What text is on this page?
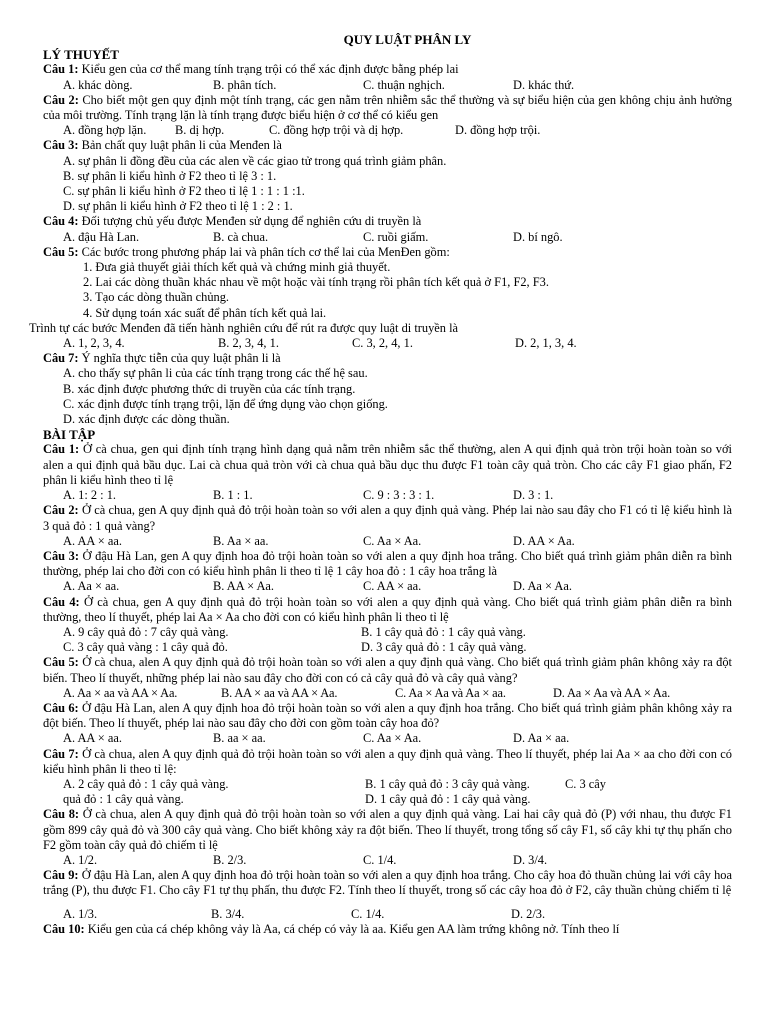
QUY LUẬT PHÂN LY
LÝ THUYẾT
Câu 1: Kiểu gen của cơ thể mang tính trạng trội có thể xác định được bằng phép lai
A. khác dòng.	B. phân tích.	C. thuận nghịch.	D. khác thứ.
Câu 2: Cho biết một gen quy định một tính trạng, các gen nằm trên nhiễm sắc thể thường và sự biểu hiện của gen không chịu ảnh hưởng của môi trường. Tính trạng lặn là tính trạng được biểu hiện ở cơ thể có kiểu gen
A. đồng hợp lặn.	B. dị hợp.	C. đồng hợp trội và dị hợp.	D. đồng hợp trội.
Câu 3: Bản chất quy luật phân li của Menđen là
A. sự phân li đồng đều của các alen về các giao tử trong quá trình giảm phân.
B. sự phân li kiểu hình ở F2 theo tỉ lệ 3 : 1.
C. sự phân li kiểu hình ở F2 theo tỉ lệ 1 : 1 : 1 :1.
D. sự phân li kiểu hình ở F2 theo tỉ lệ 1 : 2 : 1.
Câu 4: Đối tượng chủ yếu được Menđen sử dụng để nghiên cứu di truyền là
A. đậu Hà Lan.	B. cà chua.	C. ruồi giấm.	D. bí ngô.
Câu 5: Các bước trong phương pháp lai và phân tích cơ thể lai của MenĐen gồm:
1. Đưa giả thuyết giải thích kết quả và chứng minh giả thuyết.
2. Lai các dòng thuần khác nhau về một hoặc vài tính trạng rồi phân tích kết quả ở F1, F2, F3.
3. Tạo các dòng thuần chủng.
4. Sử dụng toán xác suất để phân tích kết quả lai.
Trình tự các bước Menđen đã tiến hành nghiên cứu để rút ra được quy luật di truyền là
A. 1, 2, 3, 4.	B. 2, 3, 4, 1.	C. 3, 2, 4, 1.	D. 2, 1, 3, 4.
Câu 7: Ý nghĩa thực tiễn của quy luật phân li là
A. cho thấy sự phân li của các tính trạng trong các thế hệ sau.
B. xác định được phương thức di truyền của các tính trạng.
C. xác định được tính trạng trội, lặn để ứng dụng vào chọn giống.
D. xác định được các dòng thuần.
BÀI TẬP
Câu 1: Ở cà chua, gen qui định tính trạng hình dạng quả nằm trên nhiễm sắc thể thường, alen A qui định quả tròn trội hoàn toàn so với alen a qui định quả bầu dục. Lai cà chua quả tròn với cà chua quả bầu dục thu được F1 toàn cây quả tròn. Cho các cây F1 giao phấn, F2 phân li kiểu hình theo tỉ lệ
A. 1: 2 : 1.	B. 1 : 1.	C. 9 : 3 : 3 : 1.	D. 3 : 1.
Câu 2: Ở cà chua, gen A quy định quả đỏ trội hoàn toàn so với alen a quy định quả vàng. Phép lai nào sau đây cho F1 có tỉ lệ kiểu hình là 3 quả đỏ : 1 quả vàng?
A. AA × aa.	B. Aa × aa.	C. Aa × Aa.	D. AA × Aa.
Câu 3: Ở đậu Hà Lan, gen A quy định hoa đỏ trội hoàn toàn so với alen a quy định hoa trắng. Cho biết quá trình giảm phân diễn ra bình thường, phép lai cho đời con có kiểu hình phân li theo tỉ lệ 1 cây hoa đỏ : 1 cây hoa trắng là
A. Aa × aa.	B. AA × Aa.	C. AA × aa.	D. Aa × Aa.
Câu 4: Ở cà chua, gen A quy định quả đỏ trội hoàn toàn so với alen a quy định quả vàng. Cho biết quá trình giảm phân diễn ra bình thường, theo lí thuyết, phép lai Aa × Aa cho đời con có kiểu hình phân li theo tỉ lệ
A. 9 cây quả đỏ : 7 cây quả vàng.	B. 1 cây quả đỏ : 1 cây quả vàng.
C. 3 cây quả vàng : 1 cây quả đỏ.	D. 3 cây quả đỏ : 1 cây quả vàng.
Câu 5: Ở cà chua, alen A quy định quả đỏ trội hoàn toàn so với alen a quy định quả vàng. Cho biết quá trình giảm phân không xảy ra đột biến. Theo lí thuyết, những phép lai nào sau đây cho đời con có cả cây quả đỏ và cây quả vàng?
A. Aa × aa và AA × Aa.	B. AA × aa và AA × Aa.	C. Aa × Aa và Aa × aa.	D. Aa × Aa và AA × Aa.
Câu 6: Ở đậu Hà Lan, alen A quy định hoa đỏ trội hoàn toàn so với alen a quy định hoa trắng. Cho biết quá trình giảm phân không xảy ra đột biến. Theo lí thuyết, phép lai nào sau đây cho đời con gồm toàn cây hoa đỏ?
A. AA × aa.	B. aa × aa.	C. Aa × Aa.	D. Aa × aa.
Câu 7: Ở cà chua, alen A quy định quả đỏ trội hoàn toàn so với alen a quy định quả vàng. Theo lí thuyết, phép lai Aa × aa cho đời con có kiểu hình phân li theo tỉ lệ:
A. 2 cây quả đỏ : 1 cây quả vàng.	B. 1 cây quả đỏ : 3 cây quả vàng.	C. 3 cây
quả đỏ : 1 cây quả vàng.	D. 1 cây quả đỏ : 1 cây quả vàng.
Câu 8: Ở cà chua, alen A quy định quả đỏ trội hoàn toàn so với alen a quy định quả vàng. Lai hai cây quả đỏ (P) với nhau, thu được F1 gồm 899 cây quả đỏ và 300 cây quả vàng. Cho biết không xảy ra đột biến. Theo lí thuyết, trong tổng số cây F1, số cây khi tự thụ phấn cho F2 gồm toàn cây quả đỏ chiếm tỉ lệ
A. 1/2.	B. 2/3.	C. 1/4.	D. 3/4.
Câu 9: Ở đậu Hà Lan, alen A quy định hoa đỏ trội hoàn toàn so với alen a quy định hoa trắng. Cho cây hoa đỏ thuần chủng lai với cây hoa trắng (P), thu được F1. Cho cây F1 tự thụ phấn, thu được F2. Tính theo lí thuyết, trong số các cây hoa đỏ ở F2, cây thuần chủng chiếm tỉ lệ
A. 1/3.	B. 3/4.	C. 1/4.	D. 2/3.
Câu 10: Kiểu gen của cá chép không vảy là Aa, cá chép có vảy là aa. Kiểu gen AA làm trứng không nở. Tính theo lí
